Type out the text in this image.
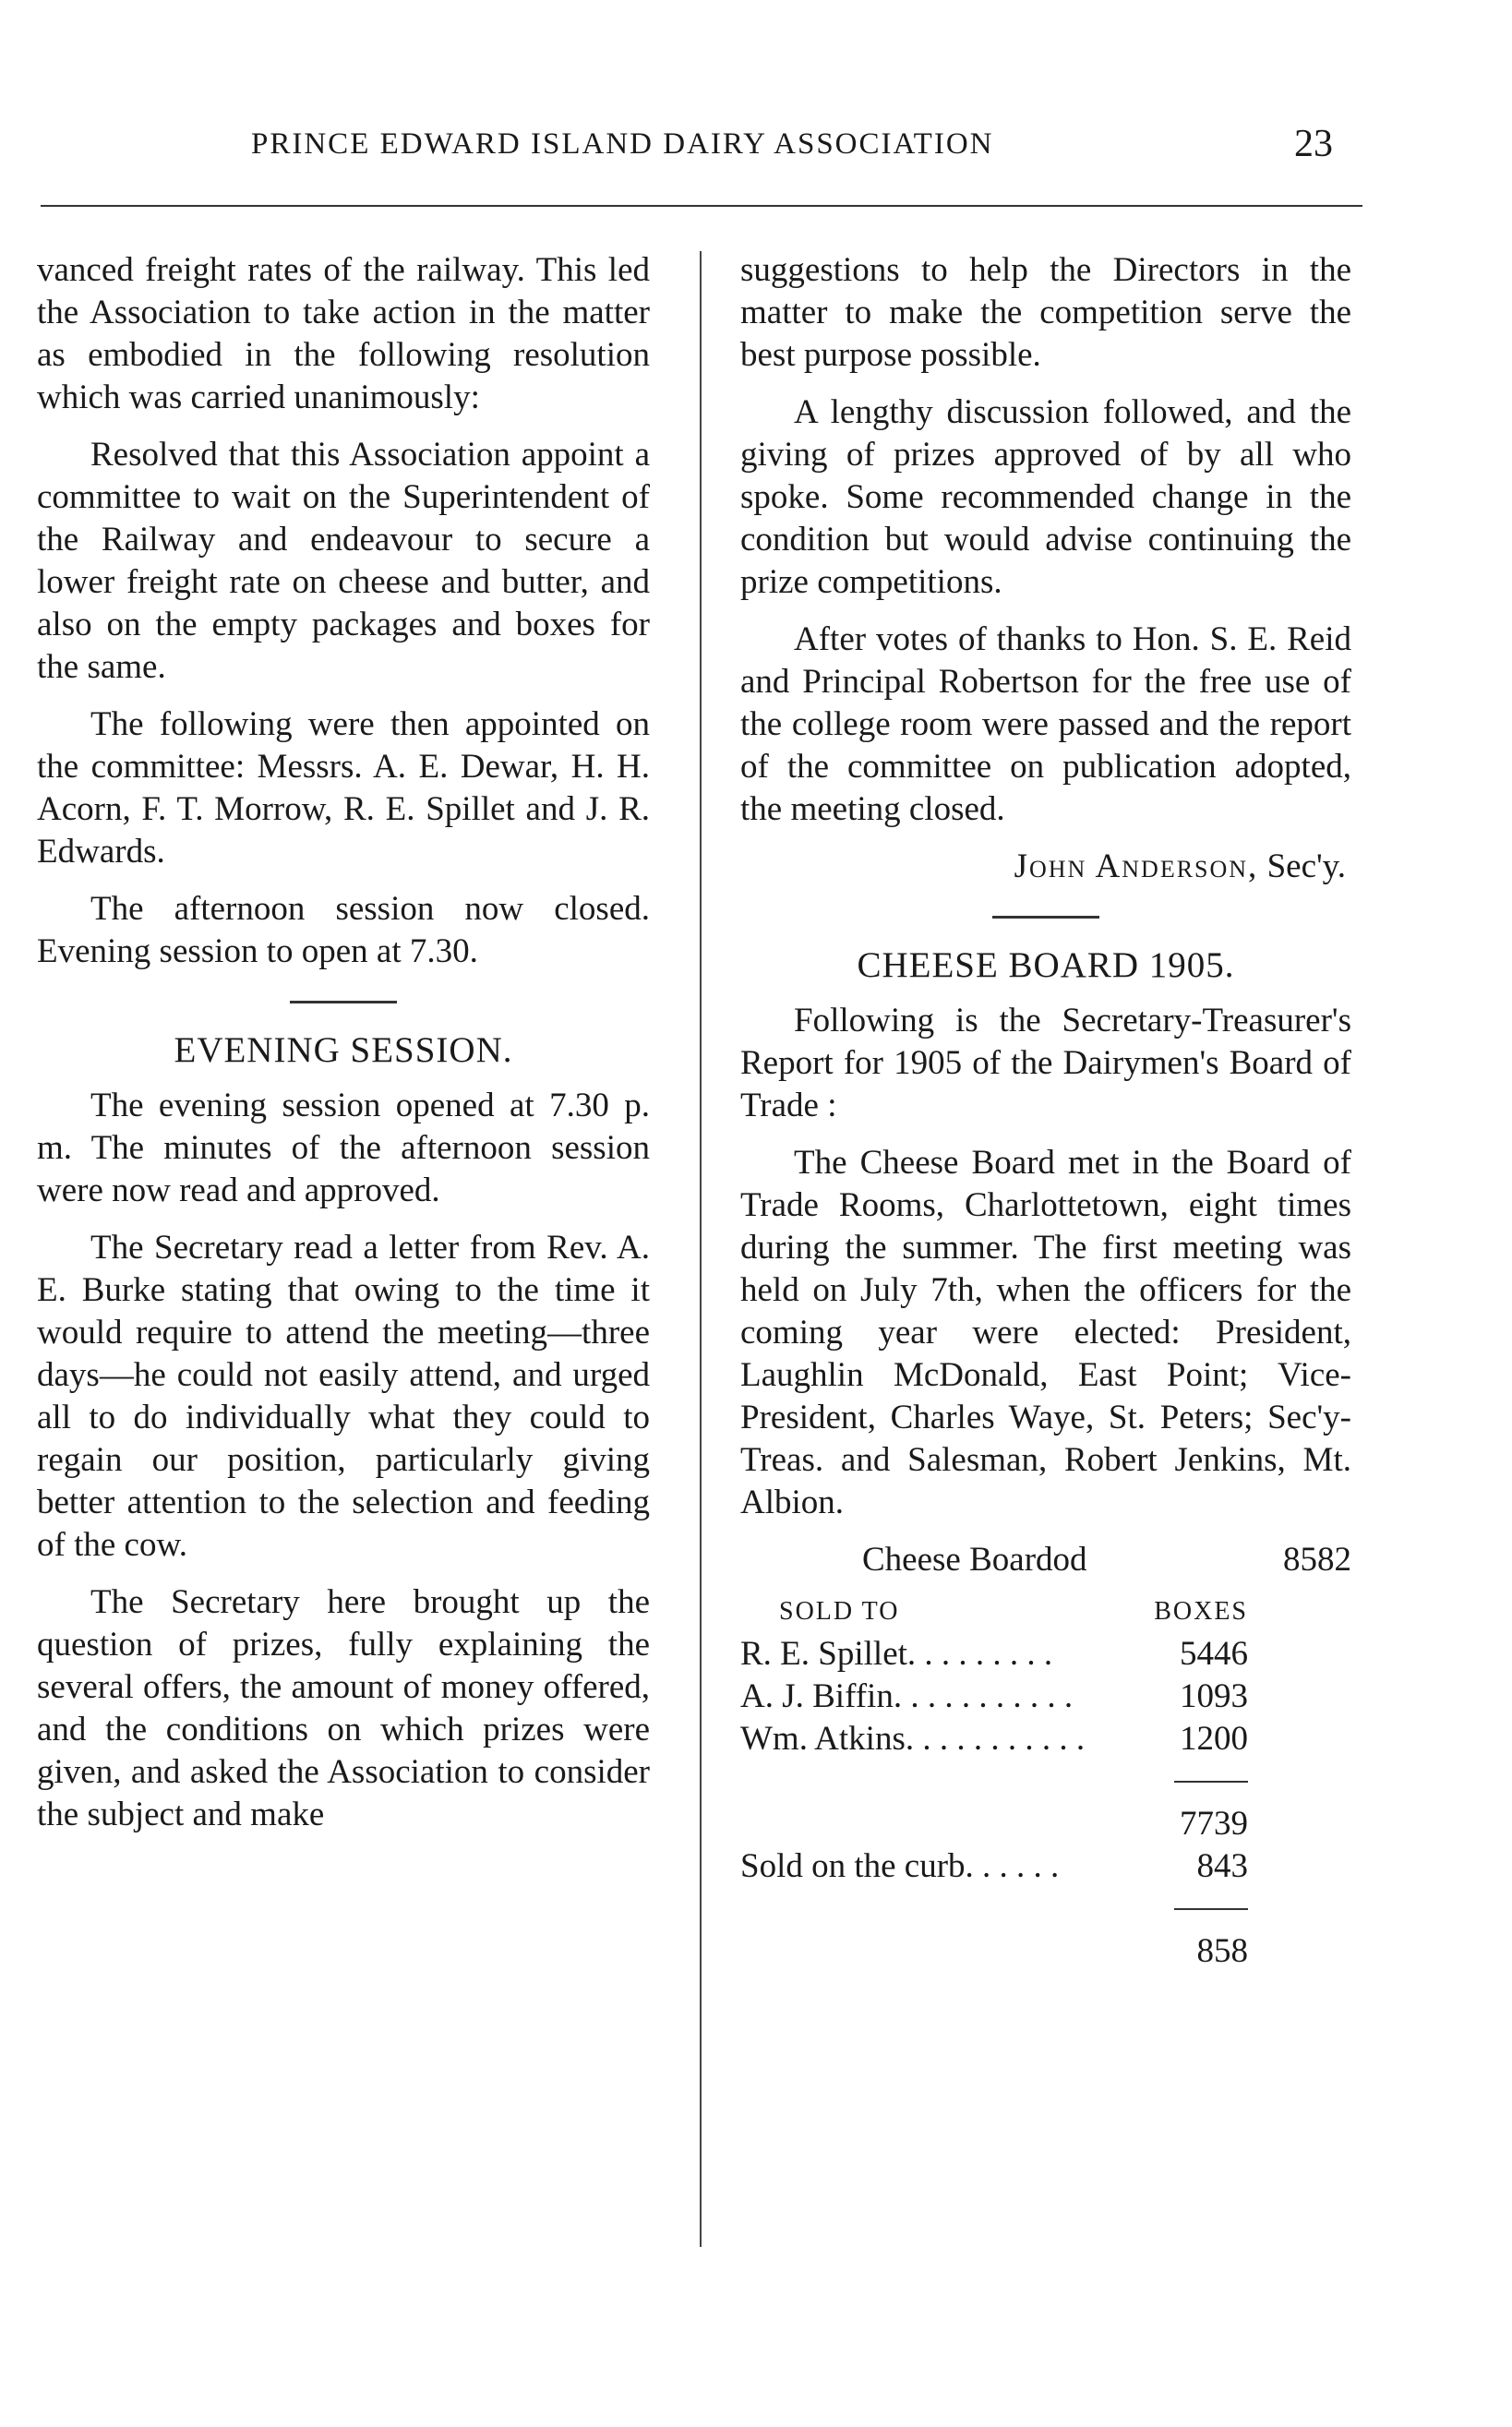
PRINCE EDWARD ISLAND DAIRY ASSOCIATION	23

vanced freight rates of the railway. This led the Association to take action in the matter as embodied in the following resolution which was carried unanimously:

Resolved that this Association appoint a committee to wait on the Superintendent of the Railway and endeavour to secure a lower freight rate on cheese and butter, and also on the empty packages and boxes for the same.

The following were then appointed on the committee: Messrs. A. E. Dewar, H. H. Acorn, F. T. Morrow, R. E. Spillet and J. R. Edwards.

The afternoon session now closed. Evening session to open at 7.30.

EVENING SESSION.

The evening session opened at 7.30 p. m. The minutes of the afternoon session were now read and approved.

The Secretary read a letter from Rev. A. E. Burke stating that owing to the time it would require to attend the meeting—three days—he could not easily attend, and urged all to do individually what they could to regain our position, particularly giving better attention to the selection and feeding of the cow.

The Secretary here brought up the question of prizes, fully explaining the several offers, the amount of money offered, and the conditions on which prizes were given, and asked the Association to consider the subject and make

suggestions to help the Directors in the matter to make the competition serve the best purpose possible.

A lengthy discussion followed, and the giving of prizes approved of by all who spoke. Some recommended change in the condition but would advise continuing the prize competitions.

After votes of thanks to Hon. S. E. Reid and Principal Robertson for the free use of the college room were passed and the report of the committee on publication adopted, the meeting closed.

John Anderson, Sec'y.
CHEESE BOARD 1905.

Following is the Secretary-Treasurer's Report for 1905 of the Dairymen's Board of Trade :

The Cheese Board met in the Board of Trade Rooms, Charlottetown, eight times during the summer. The first meeting was held on July 7th, when the officers for the coming year were elected: President, Laughlin McDonald, East Point; Vice-President, Charles Waye, St. Peters; Sec'y-Treas. and Salesman, Robert Jenkins, Mt. Albion.

Cheese Boardod	8582
SOLD TO	BOXES
R. E. Spillet. . . . . . . . .	5446
A. J. Biffin. . . . . . . . . . .	1093
Wm. Atkins. . . . . . . . . . .	1200
7739
Sold on the curb. . . . . .	843
858
